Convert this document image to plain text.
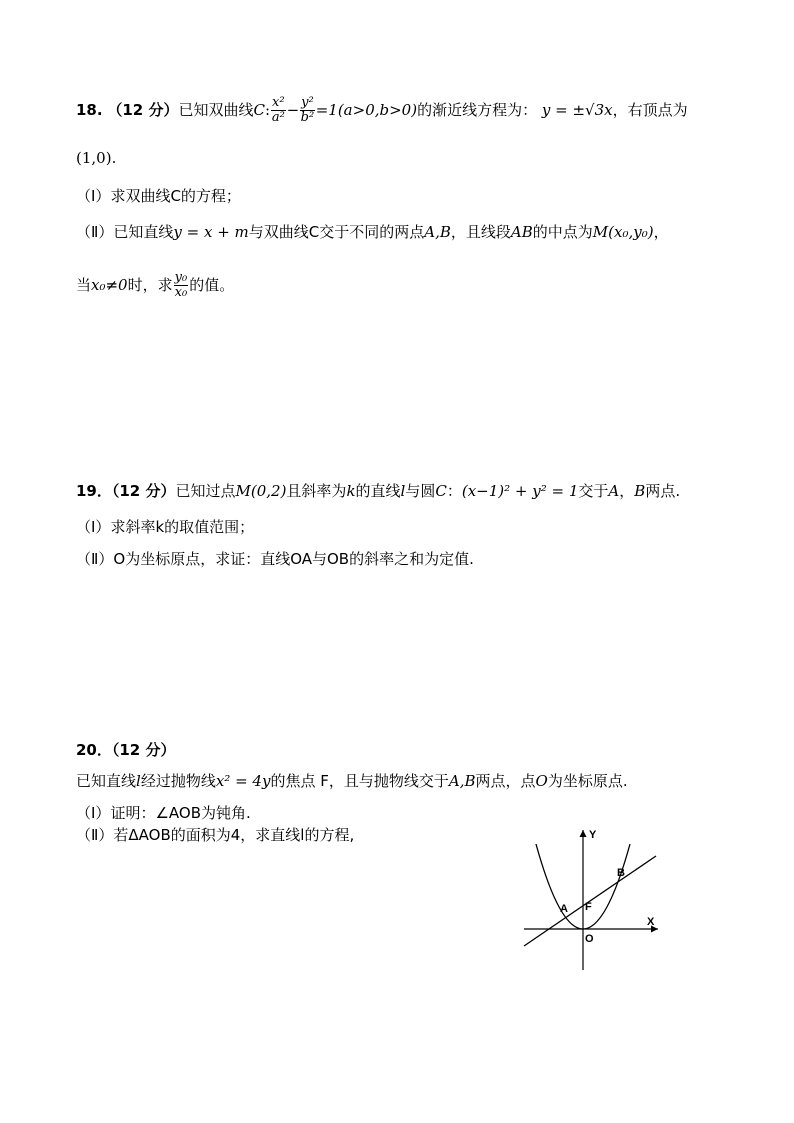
18. （12 分）已知双曲线C: $\frac{\text{x²}}{\text{a²}} - \frac{\text{y²}}{\text{b²}} =1(a>0,b>0)$的渐近线方程为： y = ±√3x，右顶点为
(1,0).
（Ⅰ）求双曲线C的方程；
（Ⅱ）已知直线y = x + m与双曲线C交于不同的两点A,B，且线段AB的中点为M(x₀,y₀)，
当x₀≠0时，求 $\frac{\text{y₀}}{\text{x₀}}$ 的值。
19．（12 分）已知过点M(0,2)且斜率为k的直线l与圆C：(x−1)² + y² = 1交于A，B两点.
（Ⅰ）求斜率k的取值范围；
（Ⅱ）O为坐标原点，求证：直线OA与OB的斜率之和为定值.
20．（12 分）
已知直线l经过抛物线x² = 4y的焦点 F，且与抛物线交于A,B两点，点O为坐标原点.
（Ⅰ）证明：∠AOB为钝角.
（Ⅱ）若ΔAOB的面积为4，求直线l的方程,	Y
X
O
A
B
F
